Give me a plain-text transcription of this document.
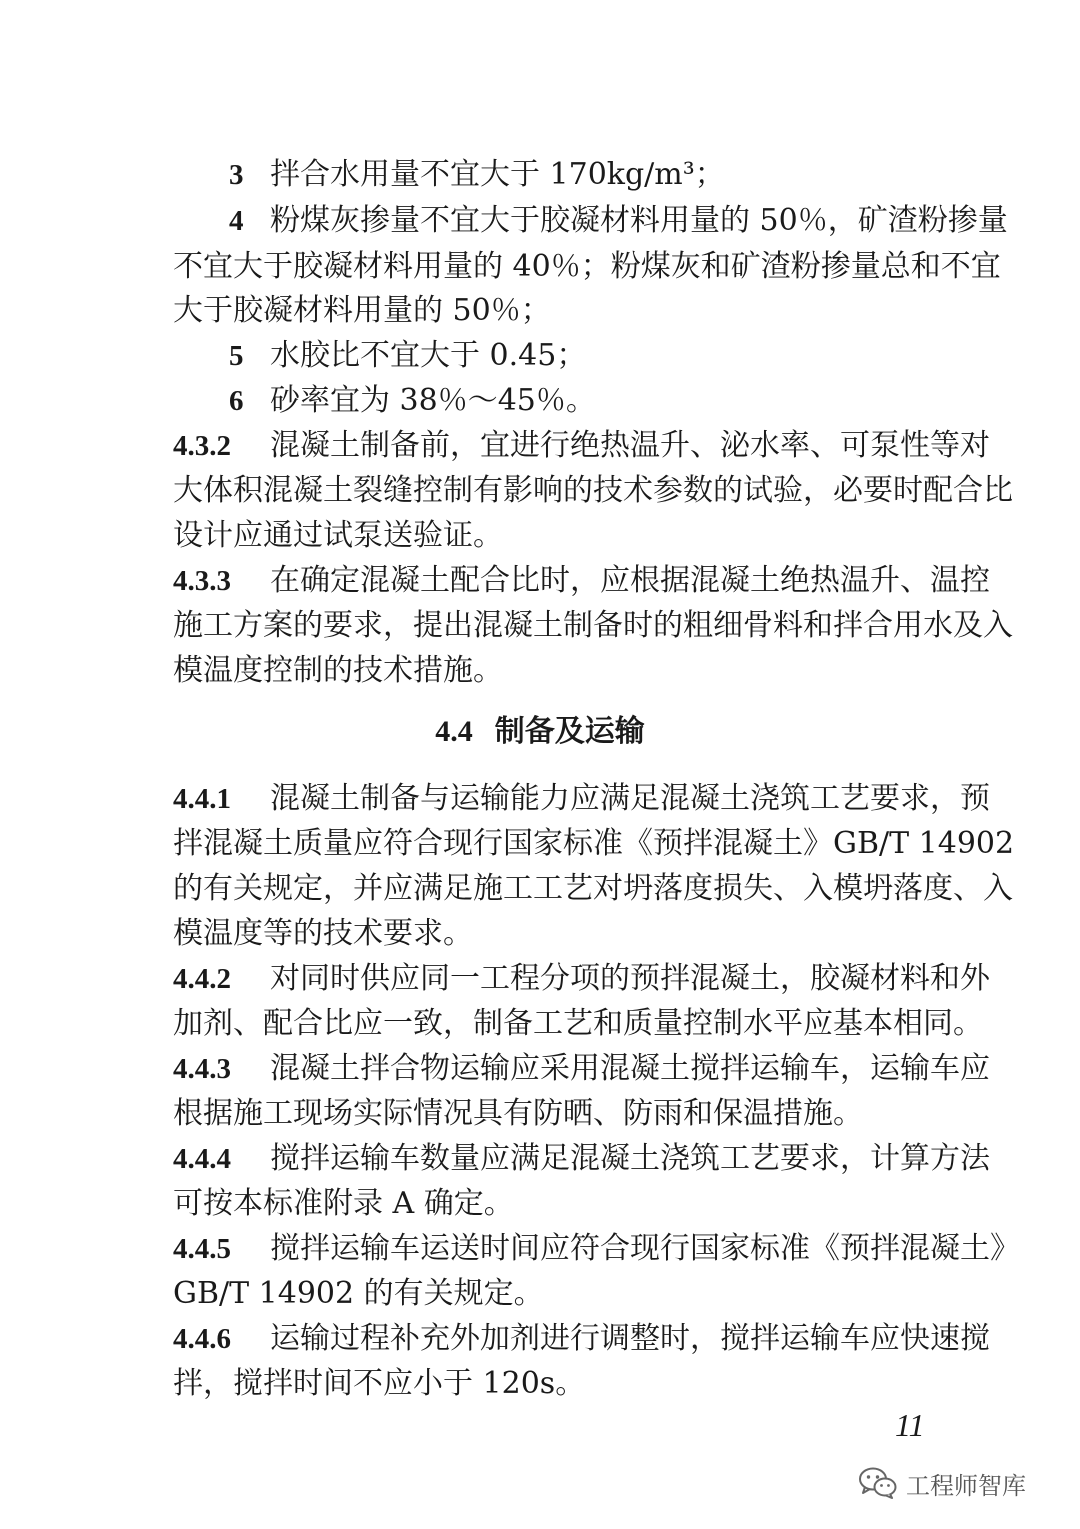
3 拌合水用量不宜大于 170kg/m³；
4 粉煤灰掺量不宜大于胶凝材料用量的 50％，矿渣粉掺量
不宜大于胶凝材料用量的 40％；粉煤灰和矿渣粉掺量总和不宜
大于胶凝材料用量的 50％；
5 水胶比不宜大于 0.45；
6 砂率宜为 38％～45％。
4.3.2 混凝土制备前，宜进行绝热温升、泌水率、可泵性等对
大体积混凝土裂缝控制有影响的技术参数的试验，必要时配合比
设计应通过试泵送验证。
4.3.3 在确定混凝土配合比时，应根据混凝土绝热温升、温控
施工方案的要求，提出混凝土制备时的粗细骨料和拌合用水及入
模温度控制的技术措施。
4.4 制备及运输
4.4.1 混凝土制备与运输能力应满足混凝土浇筑工艺要求，预
拌混凝土质量应符合现行国家标准《预拌混凝土》GB/T 14902
的有关规定，并应满足施工工艺对坍落度损失、入模坍落度、入
模温度等的技术要求。
4.4.2 对同时供应同一工程分项的预拌混凝土，胶凝材料和外
加剂、配合比应一致，制备工艺和质量控制水平应基本相同。
4.4.3 混凝土拌合物运输应采用混凝土搅拌运输车，运输车应
根据施工现场实际情况具有防晒、防雨和保温措施。
4.4.4 搅拌运输车数量应满足混凝土浇筑工艺要求，计算方法
可按本标准附录 A 确定。
4.4.5 搅拌运输车运送时间应符合现行国家标准《预拌混凝土》
GB/T 14902 的有关规定。
4.4.6 运输过程补充外加剂进行调整时，搅拌运输车应快速搅
拌，搅拌时间不应小于 120s。
11
工程师智库
